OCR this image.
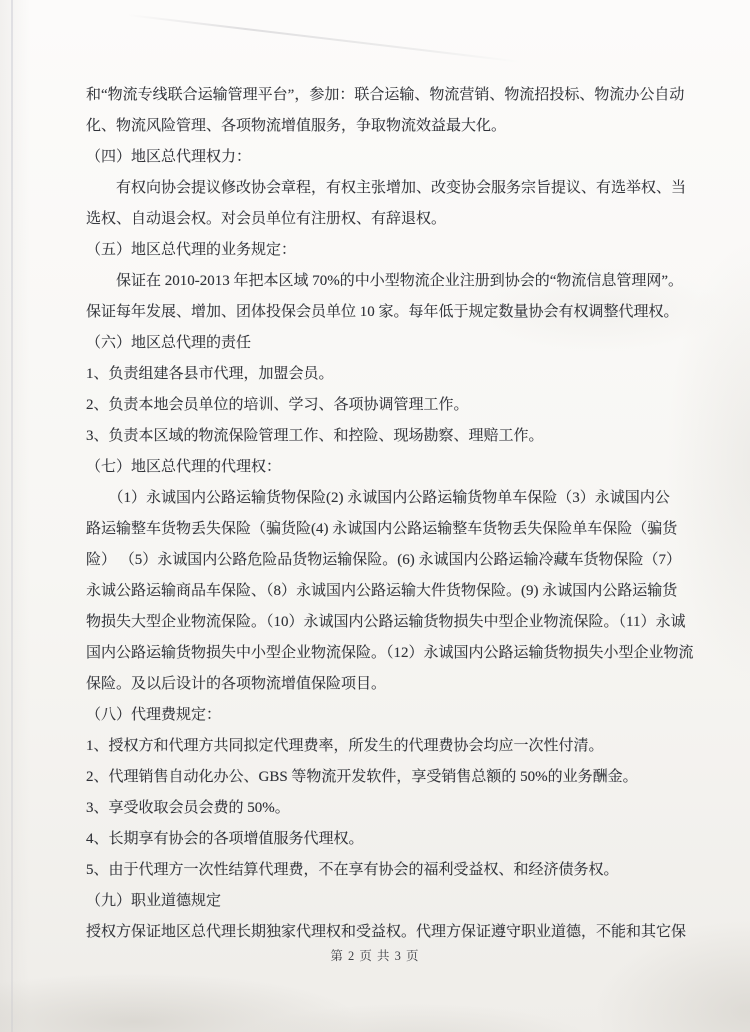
和“物流专线联合运输管理平台”，参加：联合运输、物流营销、物流招投标、物流办公自动
化、物流风险管理、各项物流增值服务，争取物流效益最大化。
（四）地区总代理权力：
　　有权向协会提议修改协会章程，有权主张增加、改变协会服务宗旨提议、有选举权、当
选权、自动退会权。对会员单位有注册权、有辞退权。
（五）地区总代理的业务规定：
　　保证在 2010-2013 年把本区域 70%的中小型物流企业注册到协会的“物流信息管理网”。
保证每年发展、增加、团体投保会员单位 10 家。每年低于规定数量协会有权调整代理权。
（六）地区总代理的责任
1、负责组建各县市代理，加盟会员。
2、负责本地会员单位的培训、学习、各项协调管理工作。
3、负责本区域的物流保险管理工作、和控险、现场勘察、理赔工作。
（七）地区总代理的代理权：
　　（1）永诚国内公路运输货物保险(2) 永诚国内公路运输货物单车保险（3）永诚国内公
路运输整车货物丢失保险（骗货险(4) 永诚国内公路运输整车货物丢失保险单车保险（骗货
险） （5）永诚国内公路危险品货物运输保险。(6) 永诚国内公路运输冷藏车货物保险（7）
永诚公路运输商品车保险、（8）永诚国内公路运输大件货物保险。(9) 永诚国内公路运输货
物损失大型企业物流保险。（10）永诚国内公路运输货物损失中型企业物流保险。（11）永诚
国内公路运输货物损失中小型企业物流保险。（12）永诚国内公路运输货物损失小型企业物流
保险。及以后设计的各项物流增值保险项目。
（八）代理费规定：
1、授权方和代理方共同拟定代理费率，所发生的代理费协会均应一次性付清。
2、代理销售自动化办公、GBS 等物流开发软件，享受销售总额的 50%的业务酬金。
3、享受收取会员会费的 50%。
4、长期享有协会的各项增值服务代理权。
5、由于代理方一次性结算代理费，不在享有协会的福利受益权、和经济债务权。
（九）职业道德规定
授权方保证地区总代理长期独家代理权和受益权。代理方保证遵守职业道德，不能和其它保
第 2 页 共 3 页
